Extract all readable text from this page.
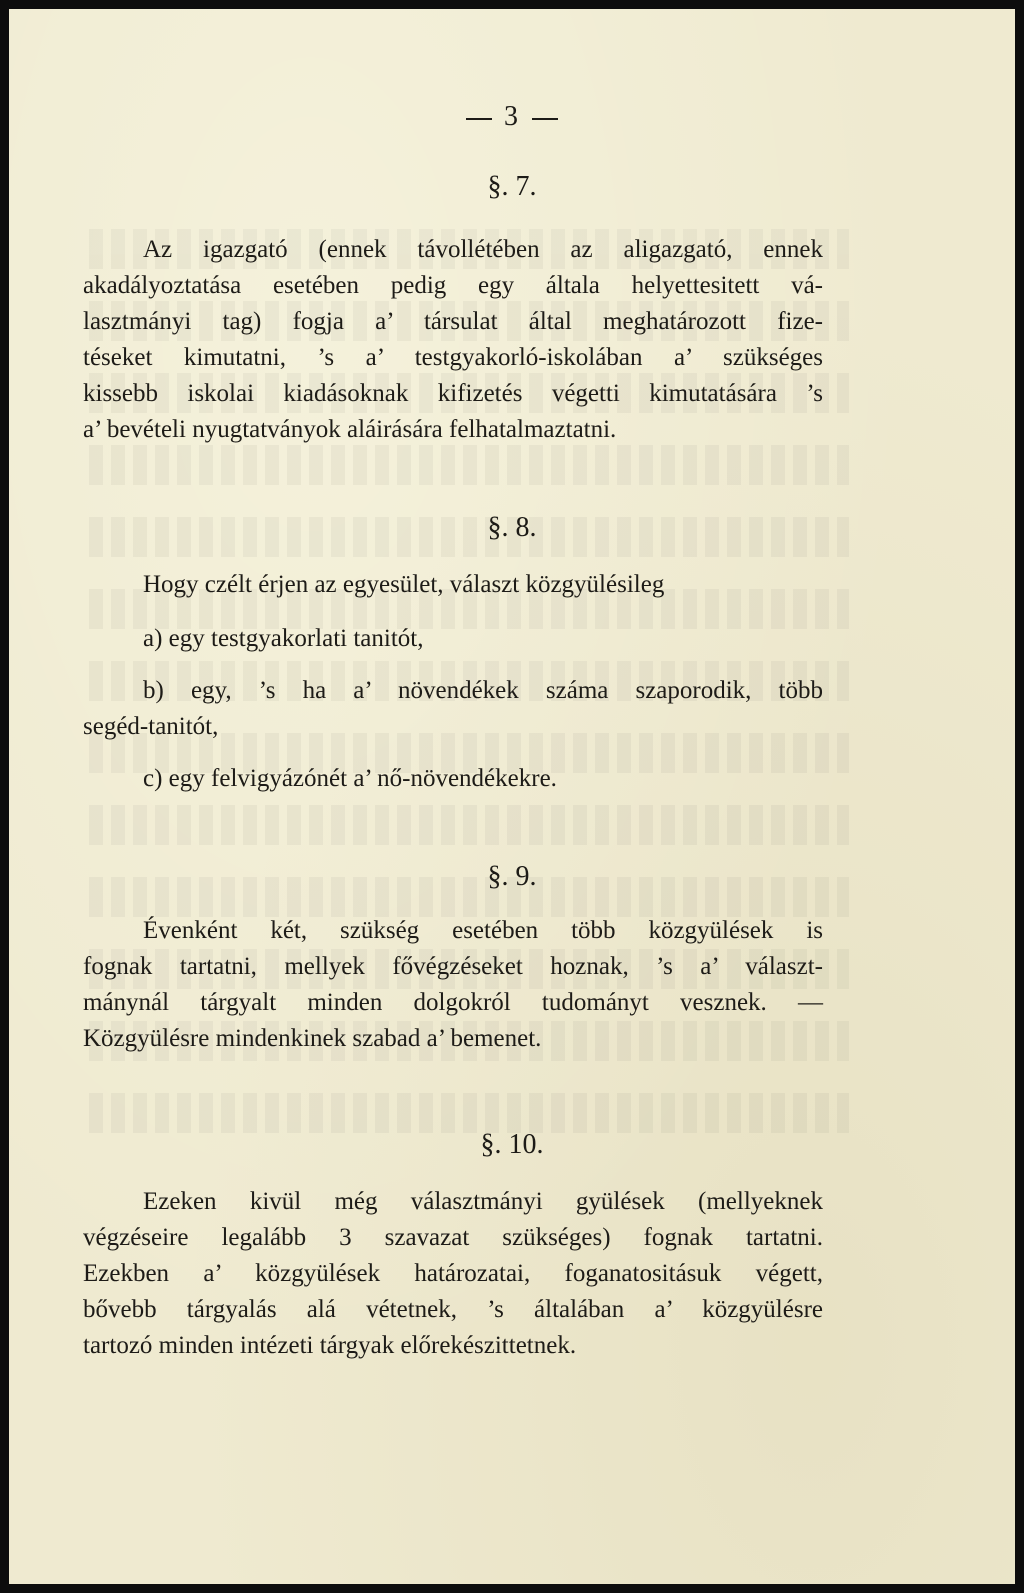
3
§. 7.
Az igazgató (ennek távollétében az aligazgató, ennek
akadályoztatása esetében pedig egy általa helyettesitett vá-
lasztmányi tag) fogja a’ társulat által meghatározott fize-
téseket kimutatni, ’s a’ testgyakorló-iskolában a’ szükséges
kissebb iskolai kiadásoknak kifizetés végetti kimutatására ’s
a’ bevételi nyugtatványok aláirására felhatalmaztatni.
§. 8.
Hogy czélt érjen az egyesület, választ közgyülésileg
a) egy testgyakorlati tanitót,
b) egy, ’s ha a’ növendékek száma szaporodik, több
segéd-tanitót,
c) egy felvigyázónét a’ nő-növendékekre.
§. 9.
Évenként két, szükség esetében több közgyülések is
fognak tartatni, mellyek fővégzéseket hoznak, ’s a’ választ-
mánynál tárgyalt minden dolgokról tudományt vesznek. —
Közgyülésre mindenkinek szabad a’ bemenet.
§. 10.
Ezeken kivül még választmányi gyülések (mellyeknek
végzéseire legalább 3 szavazat szükséges) fognak tartatni.
Ezekben a’ közgyülések határozatai, foganatositásuk végett,
bővebb tárgyalás alá vétetnek, ’s általában a’ közgyülésre
tartozó minden intézeti tárgyak előrekészittetnek.
